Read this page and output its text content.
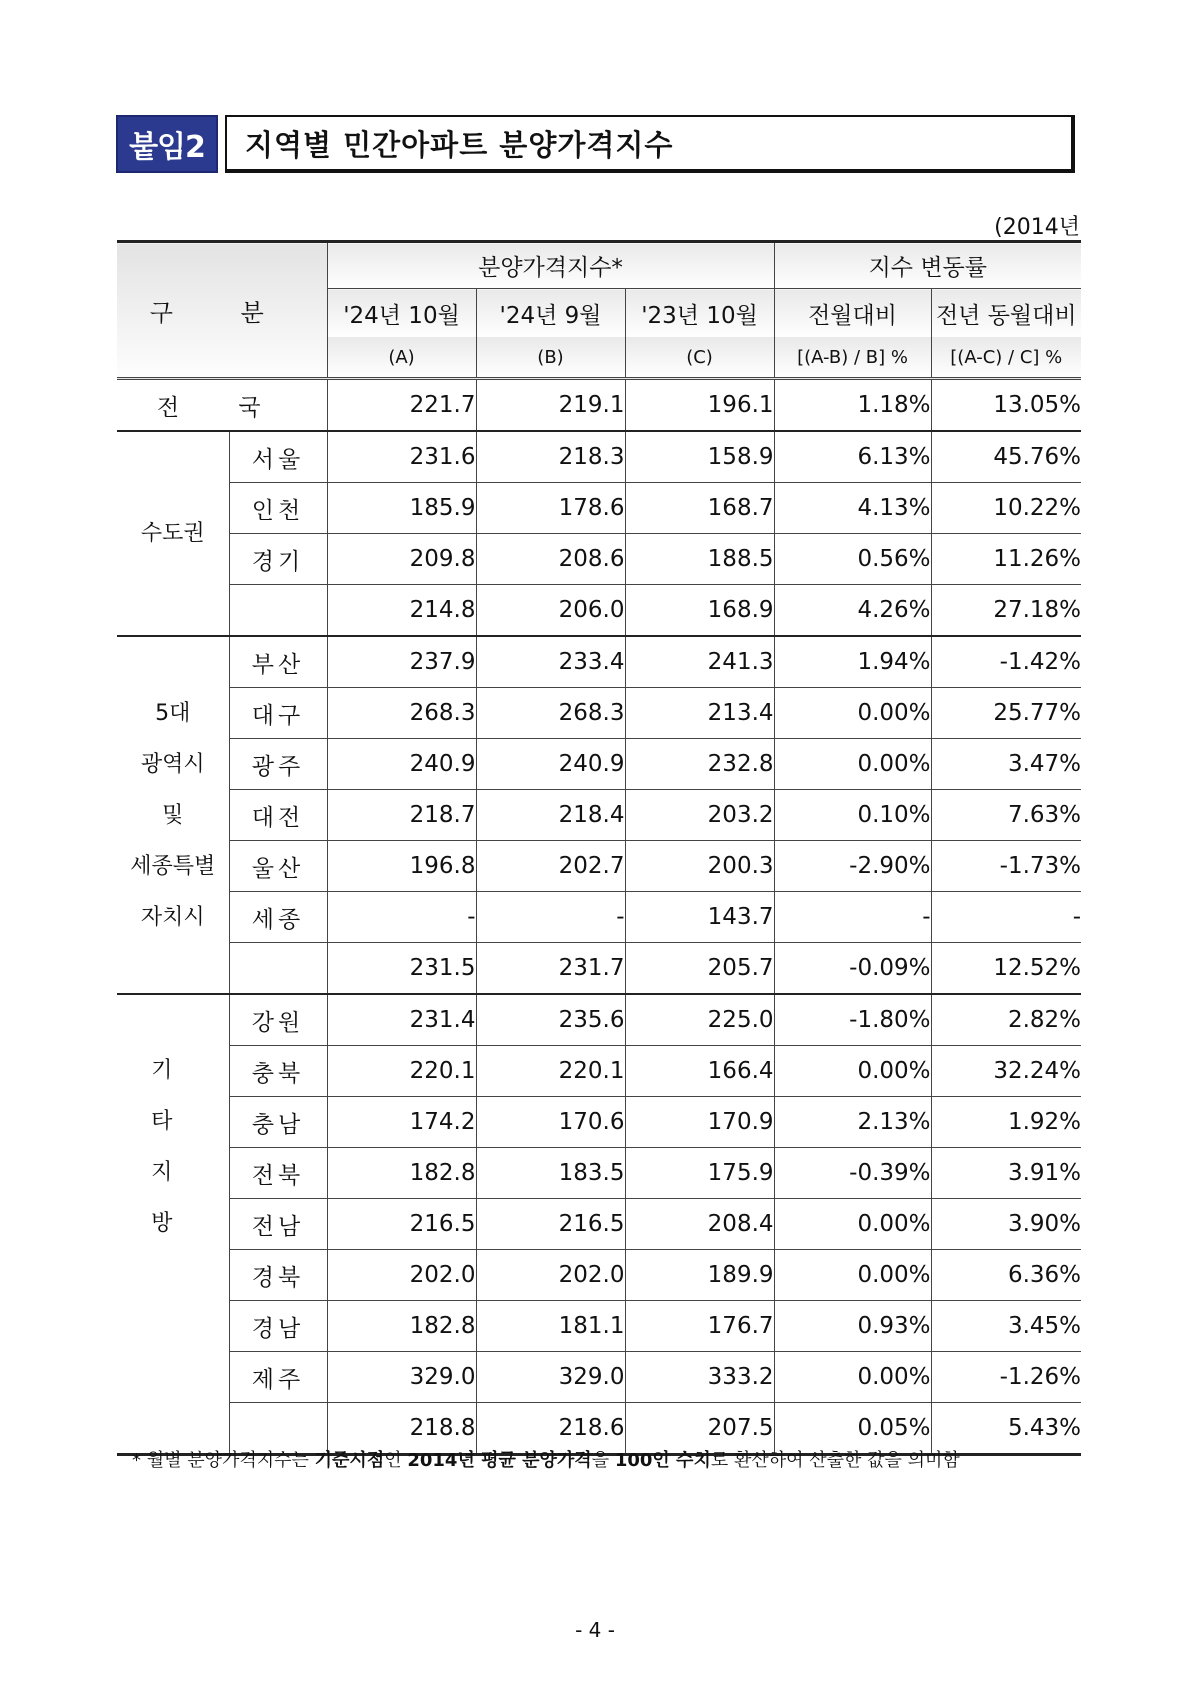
붙임2	지역별 민간아파트 분양가격지수
(2014년
구 분		분양가격지수*			지수 변동률	
		'24년 10월	'24년 9월	'23년 10월	전월대비	전년 동월대비
		(A)	(B)	(C)	[(A-B) / B] %	[(A-C) / C] %
전 국		221.7	219.1	196.1	1.18%	13.05%
수도권	서울	231.6	218.3	158.9	6.13%	45.76%
	인천	185.9	178.6	168.7	4.13%	10.22%
	경기	209.8	208.6	188.5	0.56%	11.26%
		214.8	206.0	168.9	4.26%	27.18%

5대
광역시
및
세종특별
자치시	부산	237.9	233.4	241.3	1.94%	-1.42%
	대구	268.3	268.3	213.4	0.00%	25.77%
	광주	240.9	240.9	232.8	0.00%	3.47%
	대전	218.7	218.4	203.2	0.10%	7.63%
	울산	196.8	202.7	200.3	-2.90%	-1.73%
	세종	-	-	143.7	-	-
		231.5	231.7	205.7	-0.09%	12.52%

기 타
지 방	강원	231.4	235.6	225.0	-1.80%	2.82%
	충북	220.1	220.1	166.4	0.00%	32.24%
	충남	174.2	170.6	170.9	2.13%	1.92%
	전북	182.8	183.5	175.9	-0.39%	3.91%
	전남	216.5	216.5	208.4	0.00%	3.90%
	경북	202.0	202.0	189.9	0.00%	6.36%
	경남	182.8	181.1	176.7	0.93%	3.45%
	제주	329.0	329.0	333.2	0.00%	-1.26%
		218.8	218.6	207.5	0.05%	5.43%
* 월별 분양가격지수는 기준시점인 2014년 평균 분양가격을 100인 수치로 환산하여 산출한 값을 의미함
- 4 -
